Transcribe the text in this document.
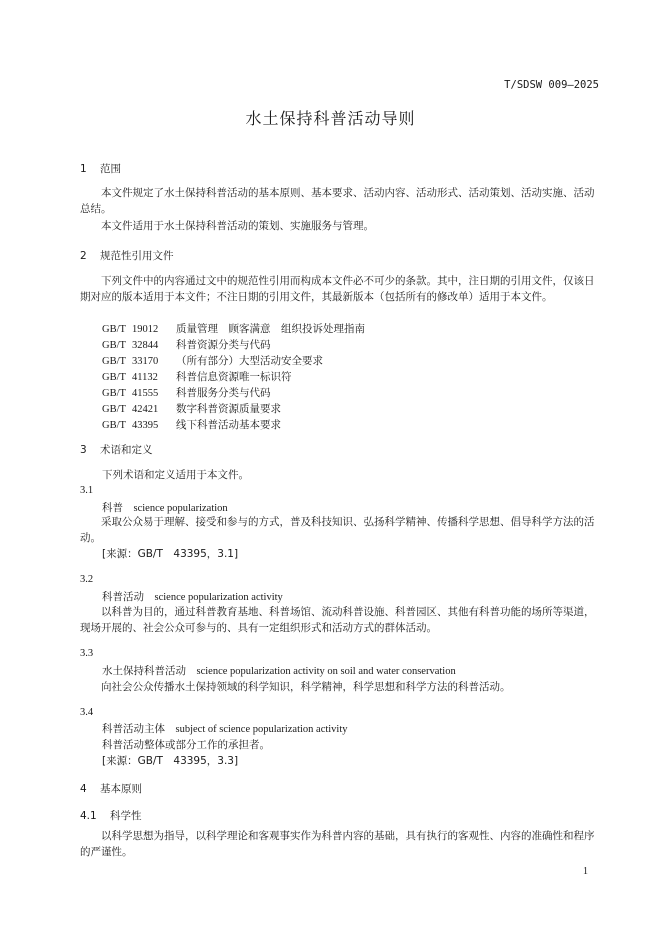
T/SDSW 009—2025
水土保持科普活动导则
1 范围
本文件规定了水土保持科普活动的基本原则、基本要求、活动内容、活动形式、活动策划、活动实施、活动总结。
本文件适用于水土保持科普活动的策划、实施服务与管理。
2 规范性引用文件
下列文件中的内容通过文中的规范性引用而构成本文件必不可少的条款。其中，注日期的引用文件，仅该日期对应的版本适用于本文件；不注日期的引用文件，其最新版本（包括所有的修改单）适用于本文件。
GB/T 19012 质量管理　顾客满意　组织投诉处理指南
GB/T 32844 科普资源分类与代码
GB/T 33170 （所有部分）大型活动安全要求
GB/T 41132 科普信息资源唯一标识符
GB/T 41555 科普服务分类与代码
GB/T 42421 数字科普资源质量要求
GB/T 43395 线下科普活动基本要求
3 术语和定义
下列术语和定义适用于本文件。
3.1
科普　 science popularization
采取公众易于理解、接受和参与的方式，普及科技知识、弘扬科学精神、传播科学思想、倡导科学方法的活动。
[来源：GB/T　43395，3.1]
3.2
科普活动　 science popularization activity
以科普为目的，通过科普教育基地、科普场馆、流动科普设施、科普园区、其他有科普功能的场所等渠道，现场开展的、社会公众可参与的、具有一定组织形式和活动方式的群体活动。
3.3
水土保持科普活动　 science popularization activity on soil and water conservation
向社会公众传播水土保持领域的科学知识，科学精神，科学思想和科学方法的科普活动。
3.4
科普活动主体　 subject of science popularization activity
科普活动整体或部分工作的承担者。
[来源：GB/T　43395，3.3]
4 基本原则
4.1 科学性
以科学思想为指导，以科学理论和客观事实作为科普内容的基础，具有执行的客观性、内容的准确性和程序的严谨性。
1
